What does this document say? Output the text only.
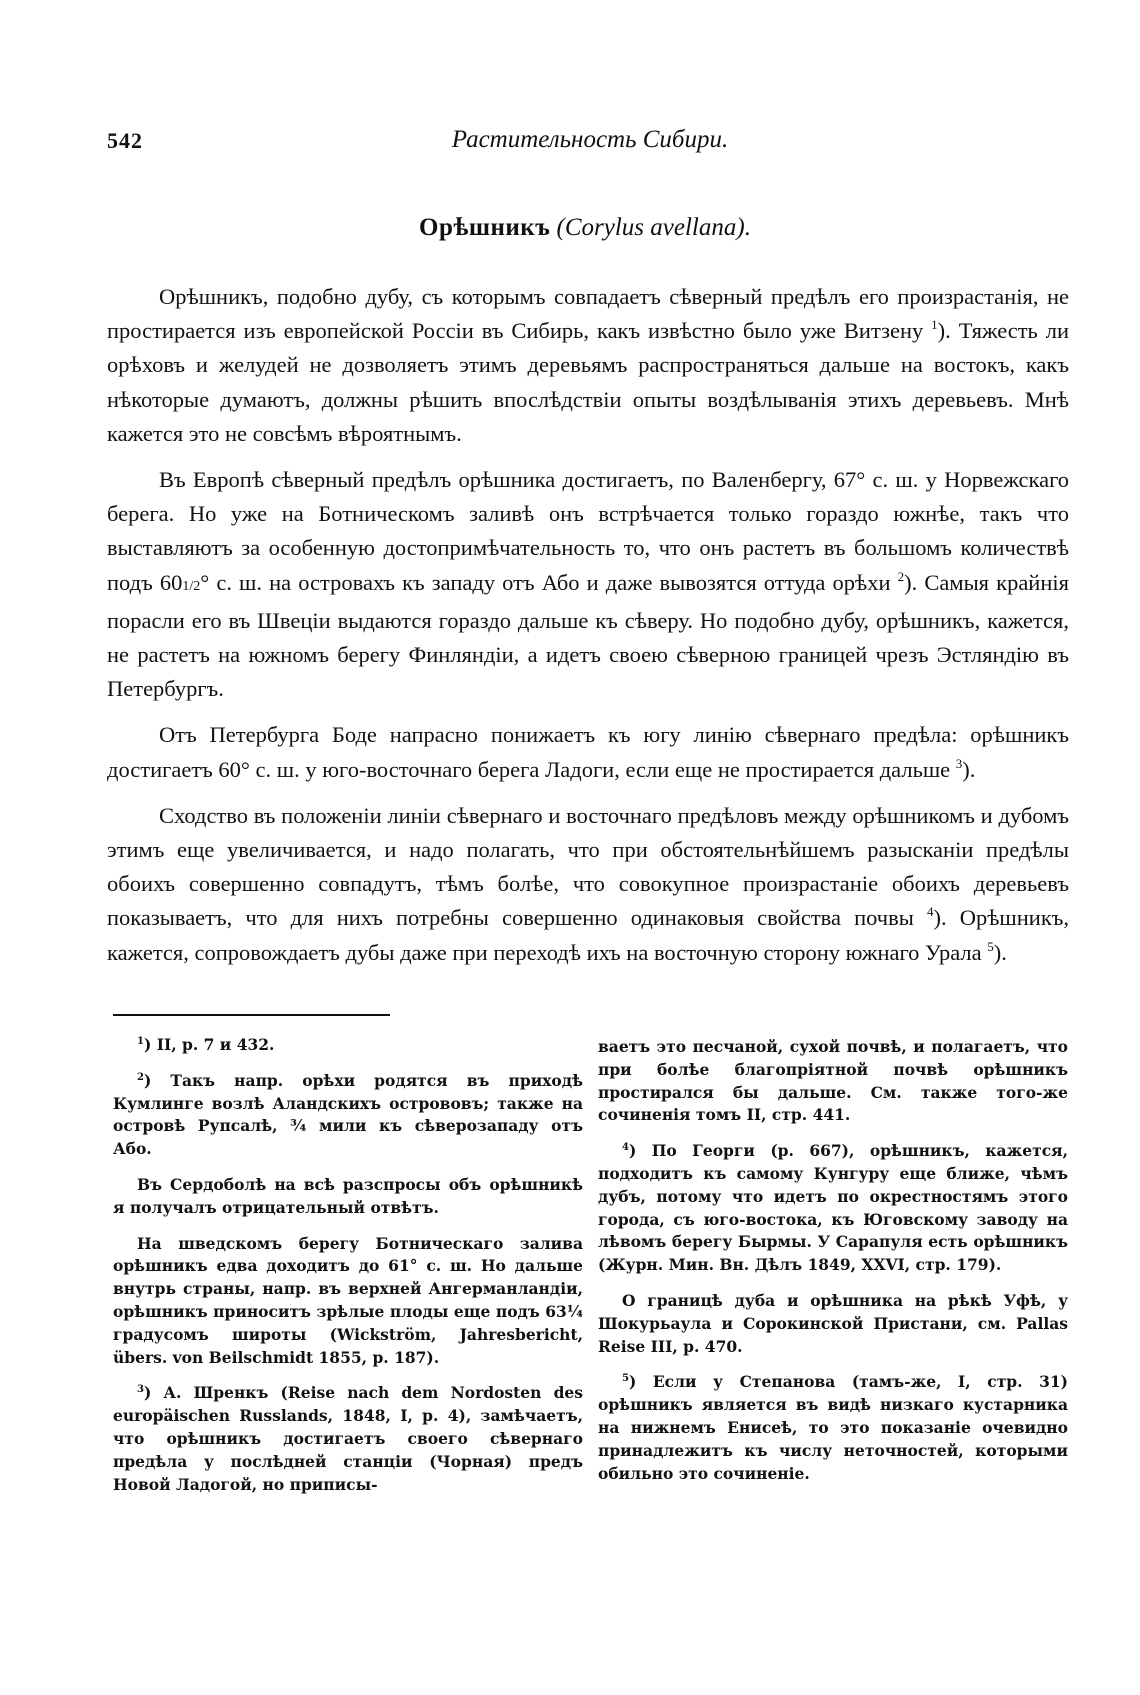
542	Растительность Сибири.
Орѣшникъ (Corylus avellana).

Орѣшникъ, подобно дубу, съ которымъ совпадаетъ сѣверный предѣлъ его произрастанія, не простирается изъ европейской Россіи въ Сибирь, какъ извѣстно было уже Витзену $^1$). Тяжесть ли орѣховъ и желудей не дозволяетъ этимъ деревьямъ распространяться дальше на востокъ, какъ нѣкоторые думаютъ, должны рѣшить впослѣдствіи опыты воздѣлыванія этихъ деревьевъ. Мнѣ кажется это не совсѣмъ вѣроятнымъ.

Въ Европѣ сѣверный предѣлъ орѣшника достигаетъ, по Валенбергу, 67° с. ш. у Норвежскаго берега. Но уже на Ботническомъ заливѣ онъ встрѣчается только гораздо южнѣе, такъ что выставляютъ за особенную достопримѣчательность то, что онъ растетъ въ большомъ количествѣ подъ 601/2° с. ш. на островахъ къ западу отъ Або и даже вывозятся оттуда орѣхи $^2$). Самыя крайнія порасли его въ Швеціи выдаются гораздо дальше къ сѣверу. Но подобно дубу, орѣшникъ, кажется, не растетъ на южномъ берегу Финляндіи, а идетъ своею сѣверною границей чрезъ Эстляндію въ Петербургъ.

Отъ Петербурга Боде напрасно понижаетъ къ югу линію сѣвернаго предѣла: орѣшникъ достигаетъ 60° с. ш. у юго-восточнаго берега Ладоги, если еще не простирается дальше $^3$).

Сходство въ положеніи линіи сѣвернаго и восточнаго предѣловъ между орѣшникомъ и дубомъ этимъ еще увеличивается, и надо полагать, что при обстоятельнѣйшемъ разысканіи предѣлы обоихъ совершенно совпадутъ, тѣмъ болѣе, что совокупное произрастаніе обоихъ деревьевъ показываетъ, что для нихъ потребны совершенно одинаковыя свойства почвы $^4$). Орѣшникъ, кажется, сопровождаетъ дубы даже при переходѣ ихъ на восточную сторону южнаго Урала $^5$).

$^1$) II, p. 7 и 432.

$^2$) Такъ напр. орѣхи родятся въ приходѣ Кумлинге возлѣ Аландскихъ острововъ; также на островѣ Рупсалѣ, ¾ мили къ сѣверозападу отъ Або.

Въ Сердоболѣ на всѣ разспросы объ орѣшникѣ я получалъ отрицательный отвѣтъ.

На шведскомъ берегу Ботническаго залива орѣшникъ едва доходитъ до 61° с. ш. Но дальше внутрь страны, напр. въ верхней Ангерманландіи, орѣшникъ приноситъ зрѣлые плоды еще подъ 63¼ градусомъ широты (Wickström, Jahresbericht, übers. von Beilschmidt 1855, p. 187).

$^3$) А. Шренкъ (Reise nach dem Nordosten des europäischen Russlands, 1848, I, p. 4), замѣчаетъ, что орѣшникъ достигаетъ своего сѣвернаго предѣла у послѣдней станціи (Чорная) предъ Новой Ладогой, но приписы-

ваетъ это песчаной, сухой почвѣ, и полагаетъ, что при болѣе благопріятной почвѣ орѣшникъ простирался бы дальше. См. также того-же сочиненія томъ II, стр. 441.

$^4$) По Георги (p. 667), орѣшникъ, кажется, подходитъ къ самому Кунгуру еще ближе, чѣмъ дубъ, потому что идетъ по окрестностямъ этого города, съ юго-востока, къ Юговскому заводу на лѣвомъ берегу Бырмы. У Сарапуля есть орѣшникъ (Журн. Мин. Вн. Дѣлъ 1849, XXVI, стр. 179).

О границѣ дуба и орѣшника на рѣкѣ Уфѣ, у Шокурьаула и Сорокинской Пристани, см. Pallas Reise III, p. 470.

$^5$) Если у Степанова (тамъ-же, I, стр. 31) орѣшникъ является въ видѣ низкаго кустарника на нижнемъ Енисеѣ, то это показаніе очевидно принадлежитъ къ числу неточностей, которыми обильно это сочиненіе.
